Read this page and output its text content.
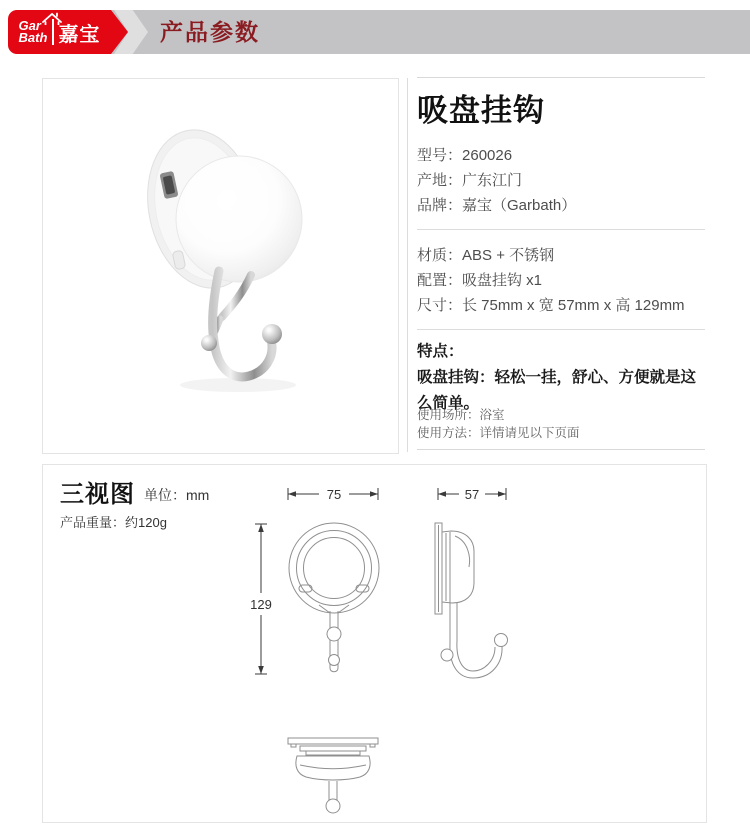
Gar
Bath 嘉宝	产品参数
吸盘挂钩
型号：260026
产地：广东江门
品牌：嘉宝（Garbath）
材质：ABS + 不锈钢
配置：吸盘挂钩 x1
尺寸：长 75mm x 宽 57mm x 高 129mm
特点：
吸盘挂钩：轻松一挂，舒心、方便就是这么简单。
使用场所：浴室
使用方法：详情请见以下页面
三视图 单位：mm
产品重量：约120g
75	57
129
